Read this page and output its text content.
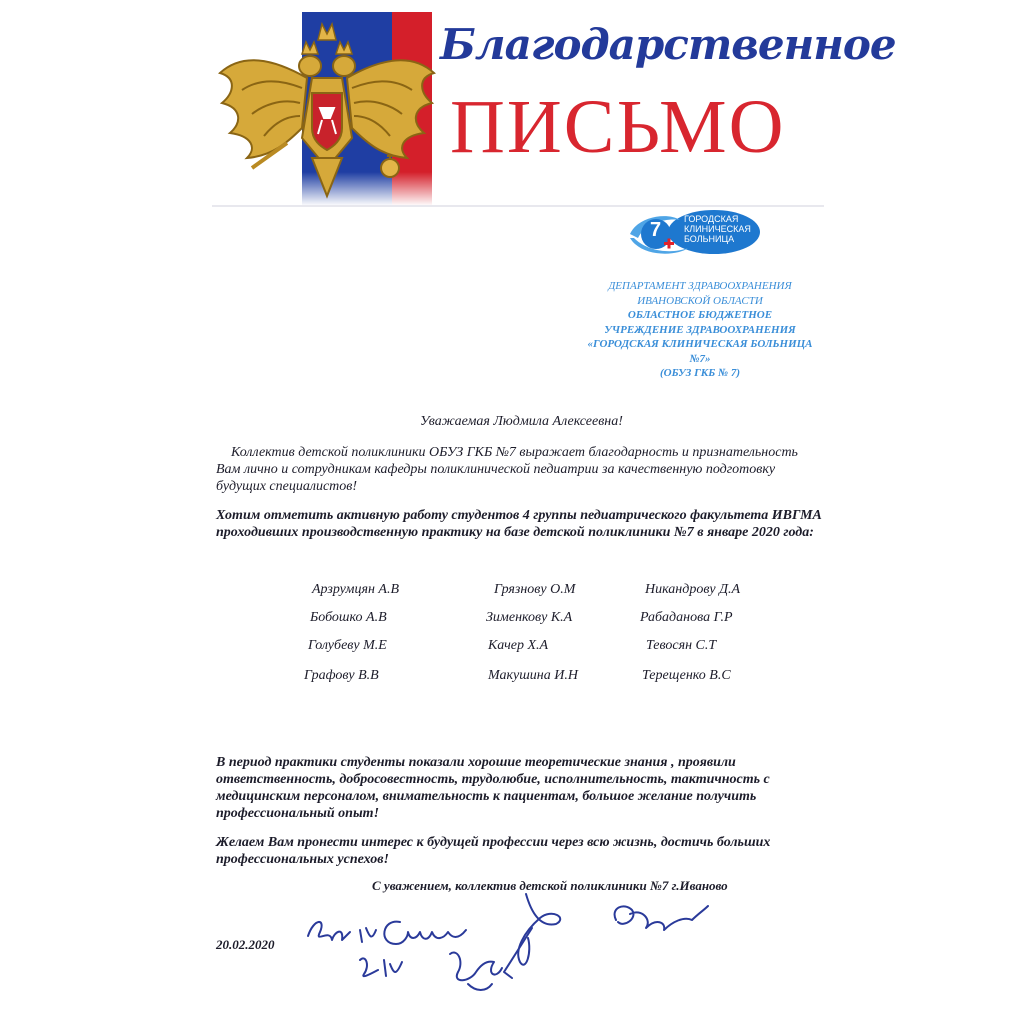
Благодарственное
ПИСЬМО
7	ГОРОДСКАЯ
КЛИНИЧЕСКАЯ
БОЛЬНИЦА
ДЕПАРТАМЕНТ ЗДРАВООХРАНЕНИЯ
ИВАНОВСКОЙ ОБЛАСТИ
ОБЛАСТНОЕ БЮДЖЕТНОЕ
УЧРЕЖДЕНИЕ ЗДРАВООХРАНЕНИЯ
«ГОРОДСКАЯ КЛИНИЧЕСКАЯ БОЛЬНИЦА
№7»
(ОБУЗ ГКБ № 7)
Уважаемая Людмила Алексеевна!
Коллектив детской поликлиники ОБУЗ ГКБ №7 выражает благодарность и признательность
Вам лично и сотрудникам кафедры поликлинической педиатрии за качественную подготовку
будущих специалистов!
Хотим отметить активную работу студентов 4 группы педиатрического факультета ИВГМА
проходивших производственную практику на базе детской поликлиники №7 в январе 2020 года:
Арзрумцян А.В	Грязнову О.М	Никандрову Д.А
Бобошко А.В	Зименкову К.А	Рабаданова Г.Р
Голубеву М.Е	Качер Х.А	Тевосян С.Т
Графову В.В	Макушина И.Н	Терещенко В.С
В период практики студенты показали хорошие теоретические знания , проявили
ответственность, добросовестность, трудолюбие, исполнительность, тактичность с
медицинским персоналом, внимательность к пациентам, большое желание получить
профессиональный опыт!
Желаем Вам пронести интерес к будущей профессии через всю жизнь, достичь больших
профессиональных успехов!
С уважением, коллектив детской поликлиники №7 г.Иваново
20.02.2020
